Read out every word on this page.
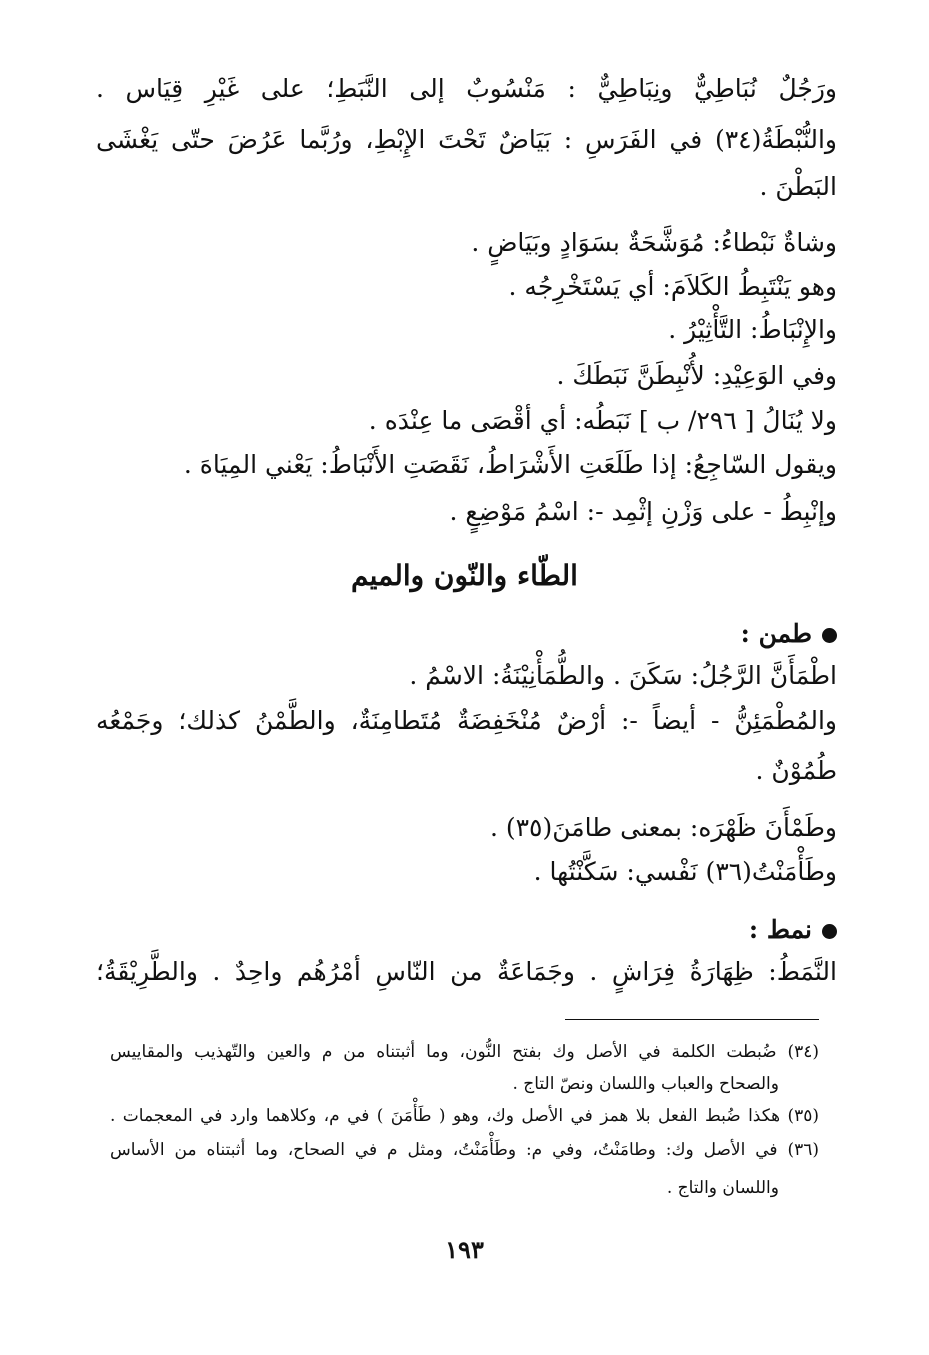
ورَجُلٌ نُبَاطِيٌّ ونِبَاطِيٌّ : مَنْسُوبٌ إلى النَّبَطِ؛ على غَيْرِ قِيَاس .
والنُّبْطَةُ(٣٤) في الفَرَسِ : بَيَاضٌ تَحْتَ الإِبْطِ، ورُبَّما عَرُضَ حتّى يَغْشَى
البَطْنَ .
وشاةٌ نَبْطاءُ: مُوَشَّحَةٌ بسَوَادٍ وبَيَاضٍ .
وهو يَنْتَبِطُ الكَلاَمَ: أي يَسْتَخْرِجُه .
والإِنْبَاطُ: التَّأْثِيْرُ .
وفي الوَعِيْدِ: لأُنْبِطَنَّ نَبَطَكَ .
ولا يُنَالُ [ ٢٩٦/ ب ] نَبَطُه: أي أقْصَى ما عِنْدَه .
ويقول السّاجِعُ: إذا طَلَعَتِ الأَشْرَاطُ، نَقَصَتِ الأَنْبَاطُ: يَعْني المِيَاهَ .
وإنْبِطُ - على وَزْنِ إثْمِد -: اسْمُ مَوْضِعٍ .
الطّاء والنّون والميم
طمن :
اطْمَأَنَّ الرَّجُلُ: سَكَنَ . والطُّمَأْنِيْنَةُ: الاسْمُ .
والمُطْمَئِنُّ - أيضاً -: أرْضٌ مُنْخَفِضَةٌ مُتَطامِنَةٌ، والطَّمْنُ كذلك؛ وجَمْعُه
طُمُوْنٌ .
وطَمْأَنَ ظَهْرَه: بمعنى طامَنَ(٣٥) .
وطَأْمَنْتُ(٣٦) نَفْسي: سَكَّنْتُها .
نمط :
النَّمَطُ: ظِهَارَةُ فِرَاشٍ . وجَمَاعَةٌ من النّاسِ أمْرُهُم واحِدٌ . والطَّرِيْقَةُ؛
(٣٤) ضُبطت الكلمة في الأصل وك بفتح النُّون، وما أثبتناه من م والعين والتّهذيب والمقاييس
والصحاح والعباب واللسان ونصّ التاج .
(٣٥) هكذا ضُبط الفعل بلا همز في الأصل وك، وهو ( طَأْمَنَ ) في م، وكلاهما وارد في المعجمات .
(٣٦) في الأصل وك: وطامَنْتُ، وفي م: وطَأْمَنْتُ، ومثل م في الصحاح، وما أثبتناه من الأساس
واللسان والتاج .
١٩٣
